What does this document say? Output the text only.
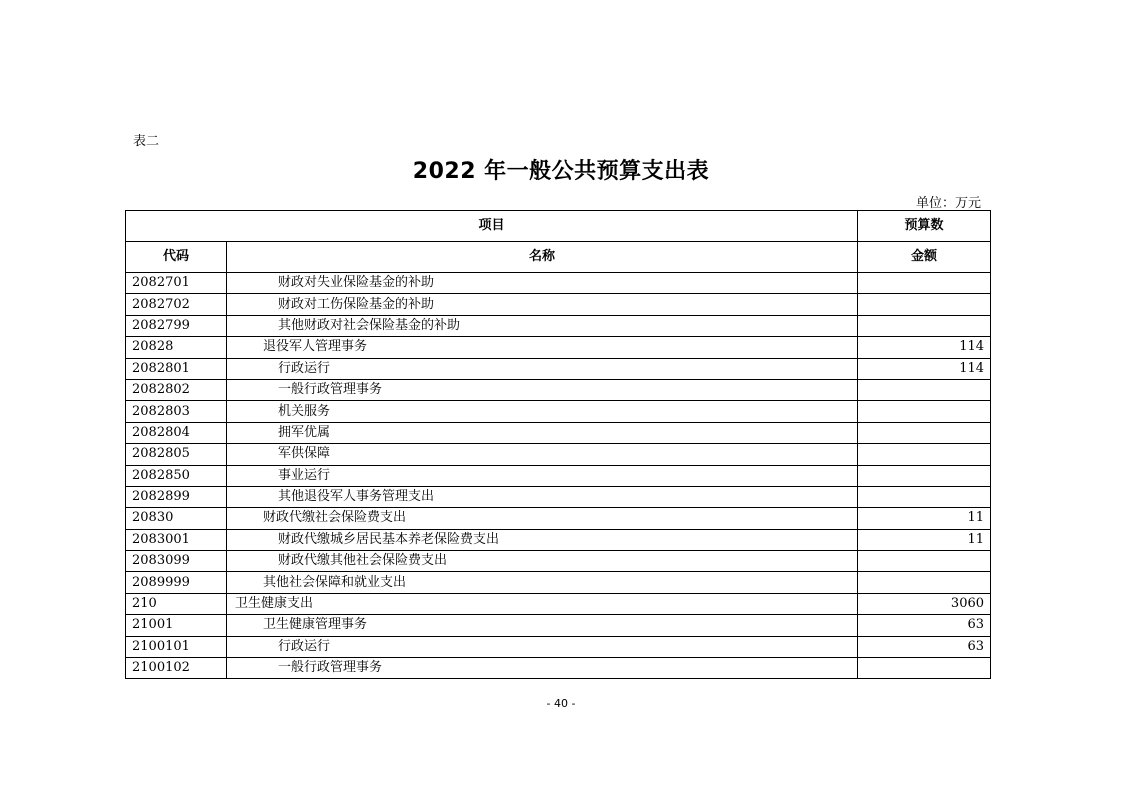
表二
2022 年一般公共预算支出表
单位：万元
项目		预算数
代码	名称	金额
2082701	财政对失业保险基金的补助	
2082702	财政对工伤保险基金的补助	
2082799	其他财政对社会保险基金的补助	
20828	退役军人管理事务	114
2082801	行政运行	114
2082802	一般行政管理事务	
2082803	机关服务	
2082804	拥军优属	
2082805	军供保障	
2082850	事业运行	
2082899	其他退役军人事务管理支出	
20830	财政代缴社会保险费支出	11
2083001	财政代缴城乡居民基本养老保险费支出	11
2083099	财政代缴其他社会保险费支出	
2089999	其他社会保障和就业支出	
210	卫生健康支出	3060
21001	卫生健康管理事务	63
2100101	行政运行	63
2100102	一般行政管理事务	
- 40 -
